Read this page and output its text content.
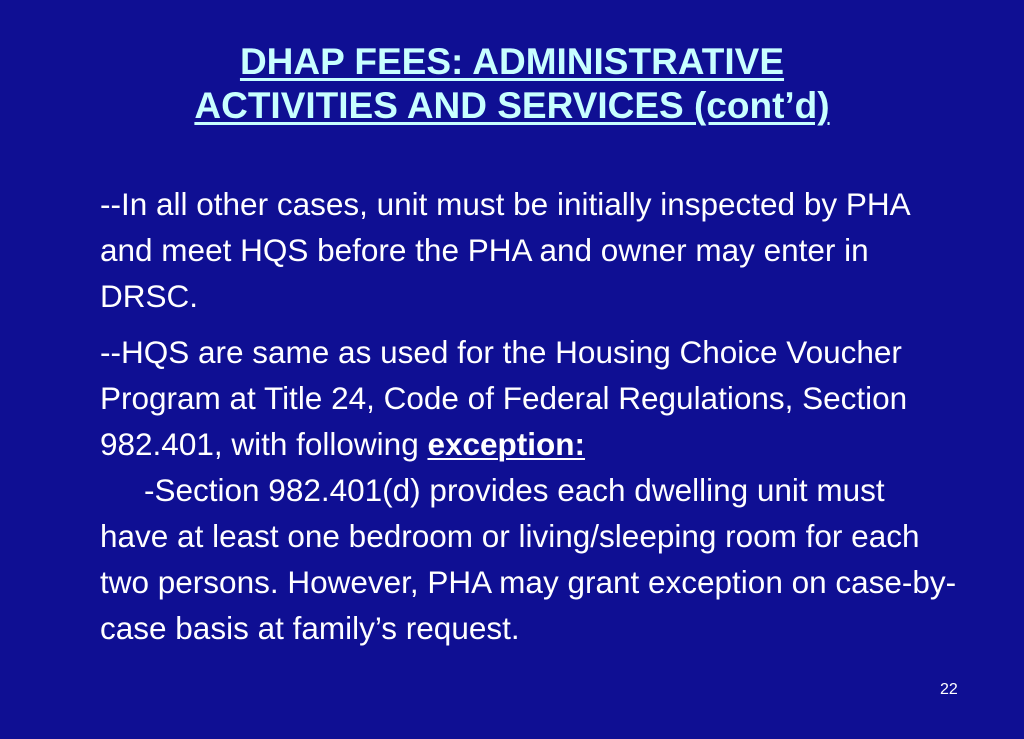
DHAP FEES: ADMINISTRATIVE
ACTIVITIES AND SERVICES (cont’d)

--In all other cases, unit must be initially inspected by PHA and meet HQS before the PHA and owner may enter in DRSC.

--HQS are same as used for the Housing Choice Voucher Program at Title 24, Code of Federal Regulations, Section 982.401, with following exception:

-Section 982.401(d) provides each dwelling unit must have at least one bedroom or living/sleeping room for each two persons. However, PHA may grant exception on case-by-case basis at family’s request.

22
